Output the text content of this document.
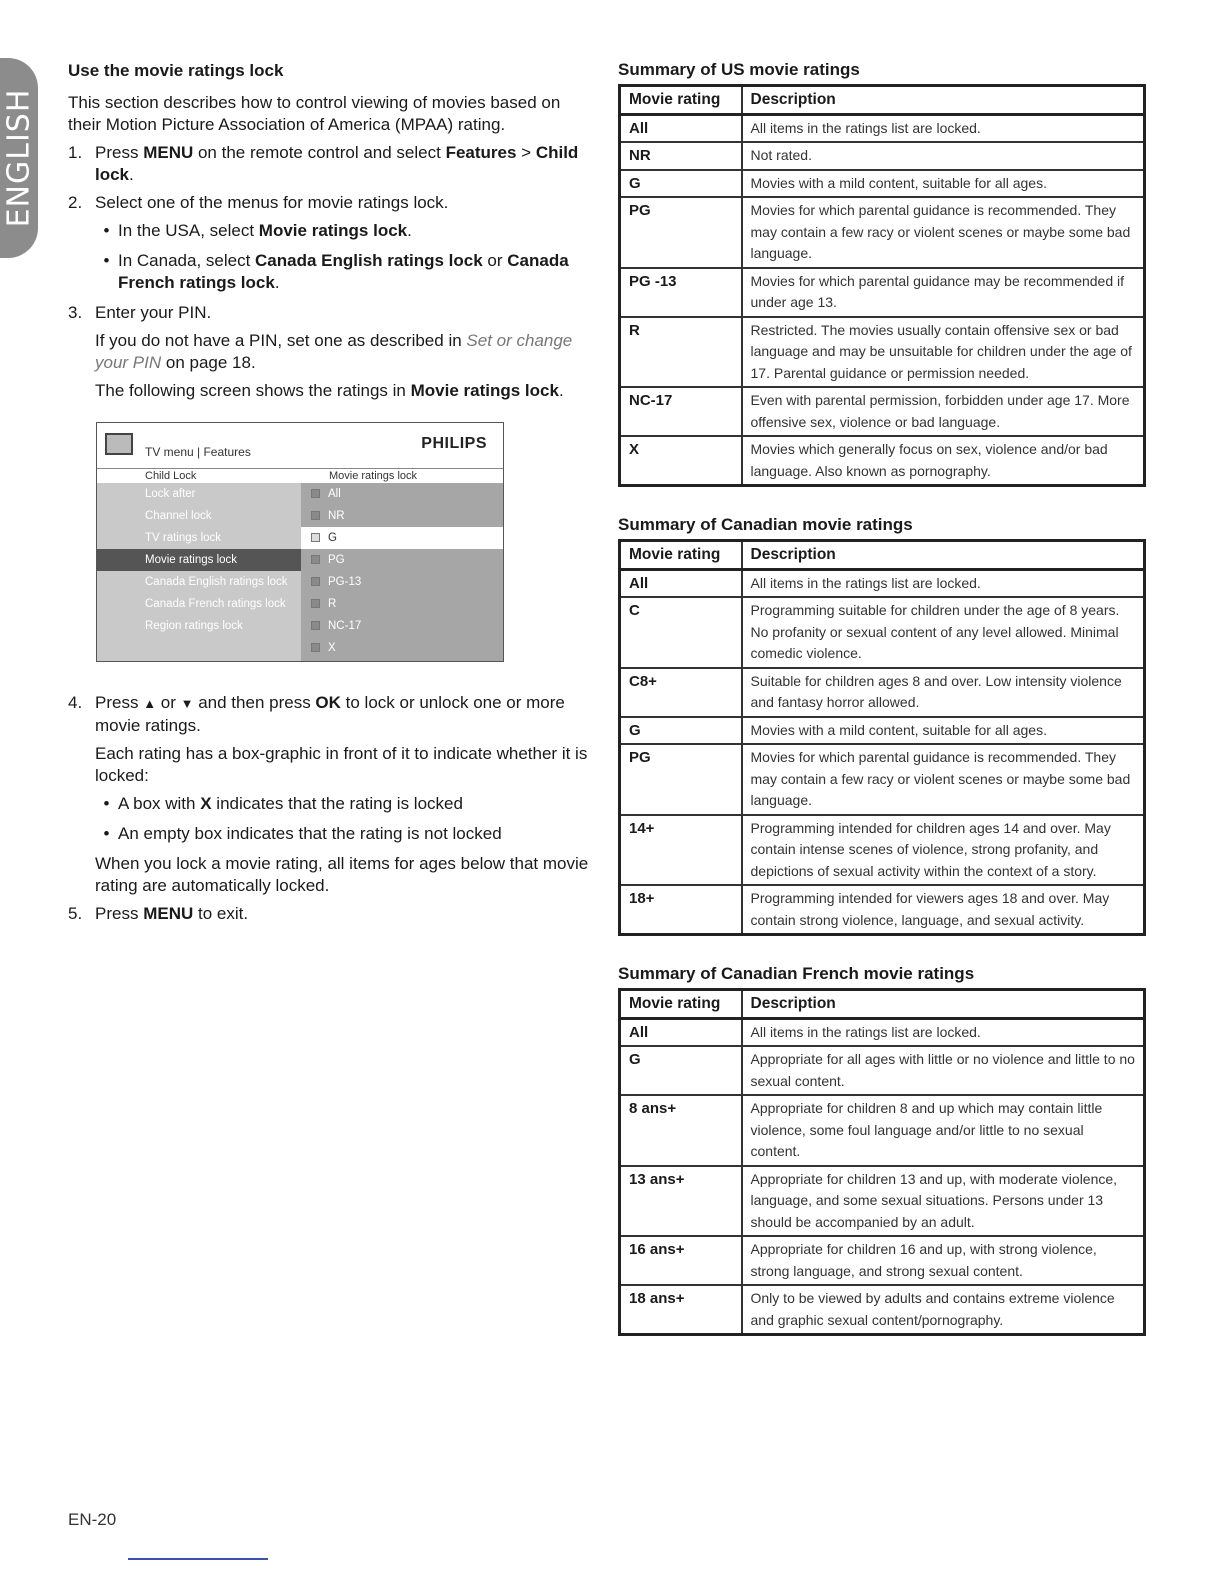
ENGLISH
Use the movie ratings lock
This section describes how to control viewing of movies based on their Motion Picture Association of America (MPAA) rating.
1. Press MENU on the remote control and select Features > Child lock.
2. Select one of the menus for movie ratings lock.
• In the USA, select Movie ratings lock.
• In Canada, select Canada English ratings lock or Canada French ratings lock.
3. Enter your PIN.
If you do not have a PIN, set one as described in Set or change your PIN on page 18.
The following screen shows the ratings in Movie ratings lock.
TV menu | Features	PHILIPS
Child Lock	Movie ratings lock
Lock after
Channel lock
TV ratings lock
Movie ratings lock
Canada English ratings lock
Canada French ratings lock
Region ratings lock
All
NR
G
PG
PG-13
R
NC-17
X
4. Press ▲ or ▼ and then press OK to lock or unlock one or more movie ratings.
Each rating has a box-graphic in front of it to indicate whether it is locked:
• A box with X indicates that the rating is locked
• An empty box indicates that the rating is not locked
When you lock a movie rating, all items for ages below that movie rating are automatically locked.
5. Press MENU to exit.
Summary of US movie ratings
Movie rating	Description
All	All items in the ratings list are locked.
NR	Not rated.
G	Movies with a mild content, suitable for all ages.
PG	Movies for which parental guidance is recommended. They may contain a few racy or violent scenes or maybe some bad language.
PG -13	Movies for which parental guidance may be recommended if under age 13.
R	Restricted. The movies usually contain offensive sex or bad language and may be unsuitable for children under the age of 17. Parental guidance or permission needed.
NC-17	Even with parental permission, forbidden under age 17. More offensive sex, violence or bad language.
X	Movies which generally focus on sex, violence and/or bad language. Also known as pornography.
Summary of Canadian movie ratings
Movie rating	Description
All	All items in the ratings list are locked.
C	Programming suitable for children under the age of 8 years. No profanity or sexual content of any level allowed. Minimal comedic violence.
C8+	Suitable for children ages 8 and over. Low intensity violence and fantasy horror allowed.
G	Movies with a mild content, suitable for all ages.
PG	Movies for which parental guidance is recommended. They may contain a few racy or violent scenes or maybe some bad language.
14+	Programming intended for children ages 14 and over. May contain intense scenes of violence, strong profanity, and depictions of sexual activity within the context of a story.
18+	Programming intended for viewers ages 18 and over. May contain strong violence, language, and sexual activity.
Summary of Canadian French movie ratings
Movie rating	Description
All	All items in the ratings list are locked.
G	Appropriate for all ages with little or no violence and little to no sexual content.
8 ans+	Appropriate for children 8 and up which may contain little violence, some foul language and/or little to no sexual content.
13 ans+	Appropriate for children 13 and up, with moderate violence, language, and some sexual situations. Persons under 13 should be accompanied by an adult.
16 ans+	Appropriate for children 16 and up, with strong violence, strong language, and strong sexual content.
18 ans+	Only to be viewed by adults and contains extreme violence and graphic sexual content/pornography.
EN-20
